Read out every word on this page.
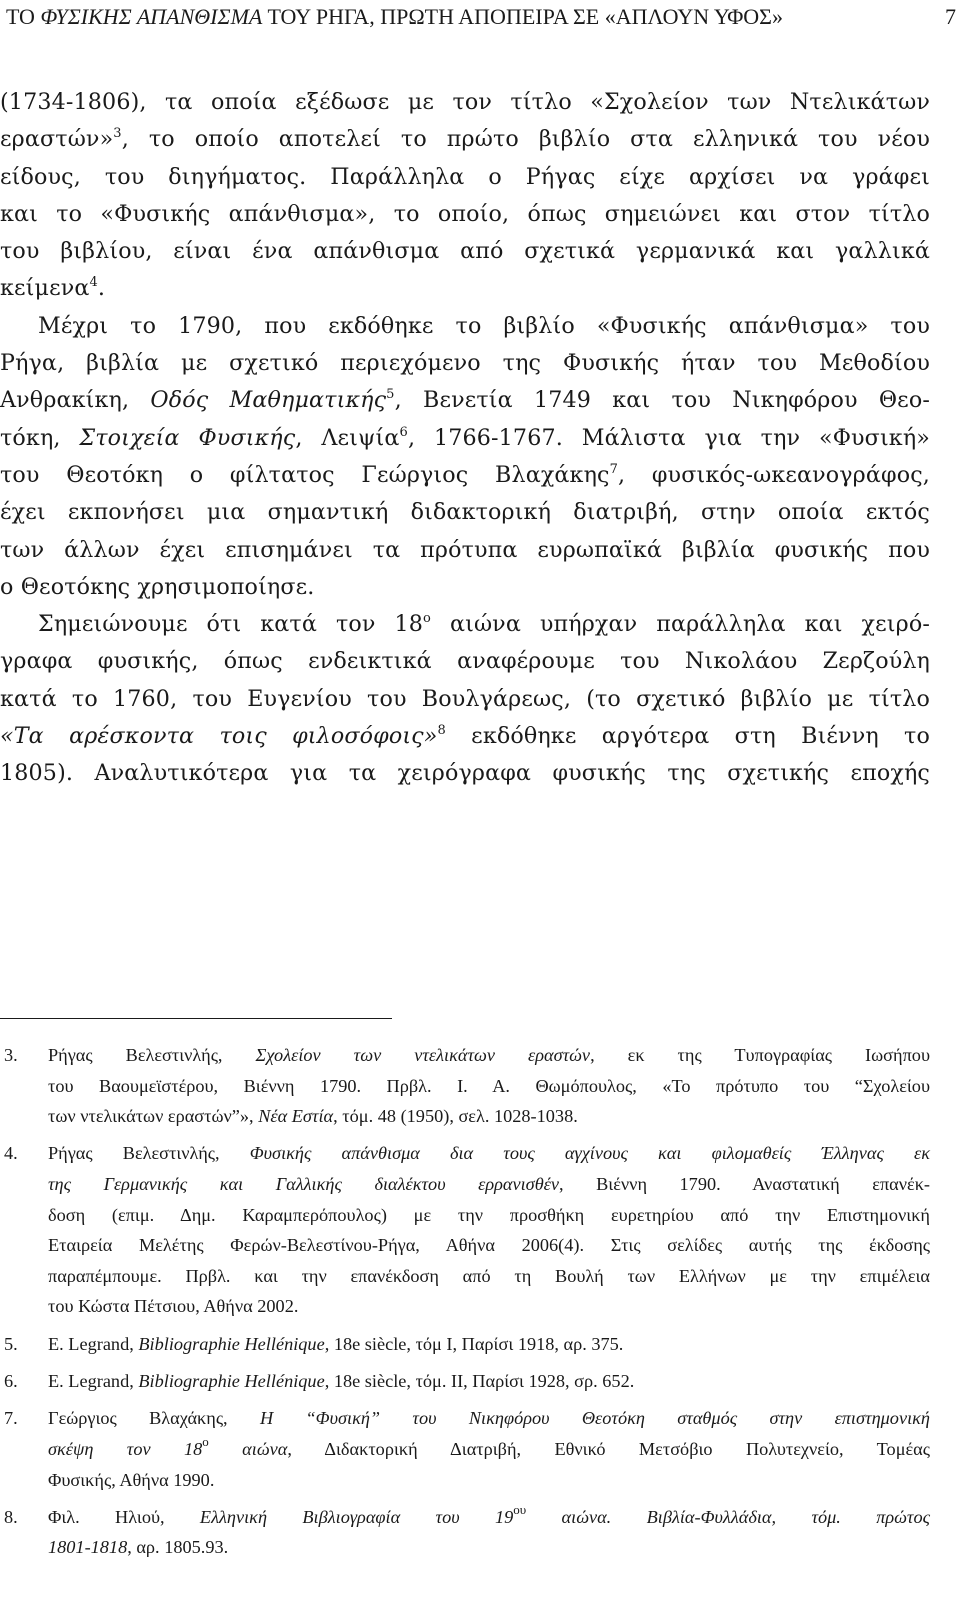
ΤΟ ΦΥΣΙΚΗΣ ΑΠΑΝΘΙΣΜΑ ΤΟΥ ΡΗΓΑ, ΠΡΩΤΗ ΑΠΟΠΕΙΡΑ ΣΕ «ΑΠΛΟΥΝ ΥΦΟΣ»	7
(1734-1806), τα οποία εξέδωσε με τον τίτλο «Σχολείον των Ντελικάτων
εραστών»$^3$, το οποίο αποτελεί το πρώτο βιβλίο στα ελληνικά του νέου
είδους, του διηγήματος. Παράλληλα ο Ρήγας είχε αρχίσει να γράφει
και το «Φυσικής απάνθισμα», το οποίο, όπως σημειώνει και στον τίτλο
του βιβλίου, είναι ένα απάνθισμα από σχετικά γερμανικά και γαλλικά
κείμενα$^4$.
Μέχρι το 1790, που εκδόθηκε το βιβλίο «Φυσικής απάνθισμα» του
Ρήγα, βιβλία με σχετικό περιεχόμενο της Φυσικής ήταν του Μεθοδίου
Ανθρακίκη, Οδός Μαθηματικής$^5$, Βενετία 1749 και του Νικηφόρου Θεο-
τόκη, Στοιχεία Φυσικής, Λειψία$^6$, 1766-1767. Μάλιστα για την «Φυσική»
του Θεοτόκη ο φίλτατος Γεώργιος Βλαχάκης$^7$, φυσικός-ωκεανογράφος,
έχει εκπονήσει μια σημαντική διδακτορική διατριβή, στην οποία εκτός
των άλλων έχει επισημάνει τα πρότυπα ευρωπαϊκά βιβλία φυσικής που
ο Θεοτόκης χρησιμοποίησε.
Σημειώνουμε ότι κατά τον $18^o$ αιώνα υπήρχαν παράλληλα και χειρό-
γραφα φυσικής, όπως ενδεικτικά αναφέρουμε του Νικολάου Ζερζούλη
κατά το 1760, του Ευγενίου του Βουλγάρεως, (το σχετικό βιβλίο με τίτλο
«Τα αρέσκοντα τοις φιλοσόφοις»$^8$ εκδόθηκε αργότερα στη Βιέννη το
1805). Αναλυτικότερα για τα χειρόγραφα φυσικής της σχετικής εποχής
3. Ρήγας Βελεστινλής, Σχολείον των ντελικάτων εραστών, εκ της Τυπογραφίας Ιωσήπου
του Βαουμεϊστέρου, Βιέννη 1790. Πρβλ. Ι. Α. Θωμόπουλος, «Το πρότυπο του “Σχολείου
των ντελικάτων εραστών”», Νέα Εστία, τόμ. 48 (1950), σελ. 1028-1038.
4. Ρήγας Βελεστινλής, Φυσικής απάνθισμα δια τους αγχίνους και φιλομαθείς Έλληνας εκ
της Γερμανικής και Γαλλικής διαλέκτου ερρανισθέν, Βιέννη 1790. Αναστατική επανέκ-
δοση (επιμ. Δημ. Καραμπερόπουλος) με την προσθήκη ευρετηρίου από την Επιστημονική
Εταιρεία Μελέτης Φερών-Βελεστίνου-Ρήγα, Αθήνα 2006(4). Στις σελίδες αυτής της έκδοσης
παραπέμπουμε. Πρβλ. και την επανέκδοση από τη Βουλή των Ελλήνων με την επιμέλεια
του Κώστα Πέτσιου, Αθήνα 2002.
5. E. Legrand, Bibliographie Hellénique, 18e siècle, τόμ Ι, Παρίσι 1918, αρ. 375.
6. E. Legrand, Bibliographie Hellénique, 18e siècle, τόμ. ΙΙ, Παρίσι 1928, σρ. 652.
7. Γεώργιος Βλαχάκης, Η “Φυσική” του Νικηφόρου Θεοτόκη σταθμός στην επιστημονική
σκέψη τον $18^o$ αιώνα, Διδακτορική Διατριβή, Εθνικό Μετσόβιο Πολυτεχνείο, Τομέας
Φυσικής, Αθήνα 1990.
8. Φιλ. Ηλιού, Ελληνική Βιβλιογραφία του $19^{o\upsilon}$ αιώνα. Βιβλία-Φυλλάδια, τόμ. πρώτος
1801-1818, αρ. 1805.93.
